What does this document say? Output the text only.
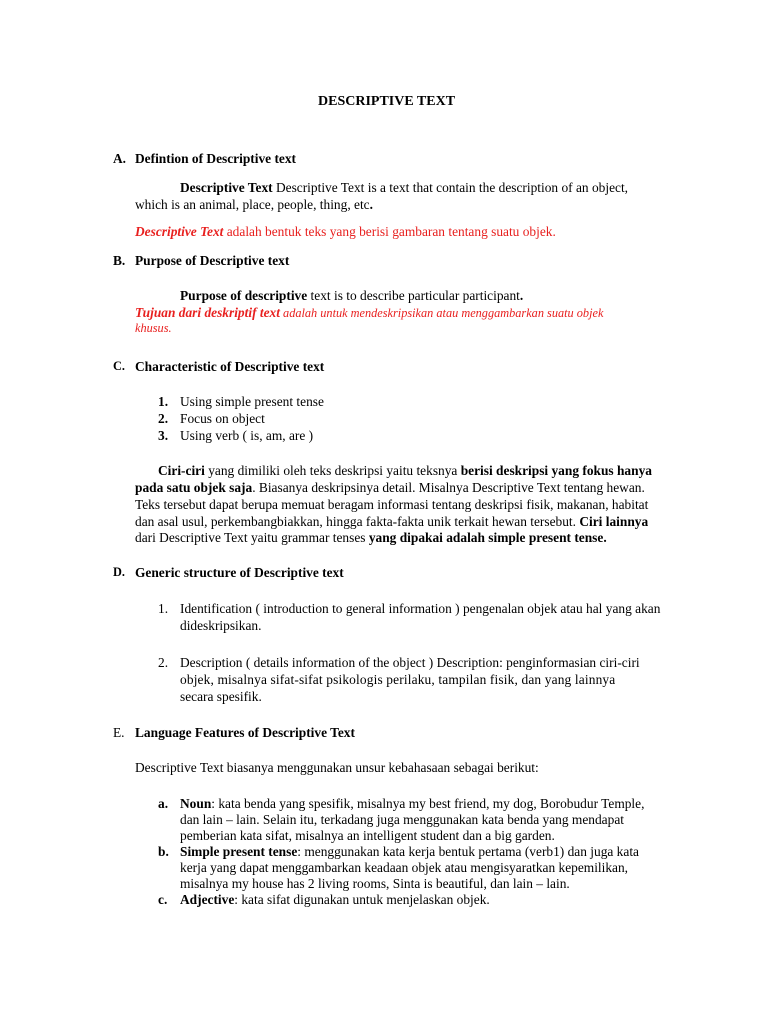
DESCRIPTIVE TEXT
A. Defintion of Descriptive text
Descriptive Text Descriptive Text is a text that contain the description of an object,
which is an animal, place, people, thing, etc.
Descriptive Text adalah bentuk teks yang berisi gambaran tentang suatu objek.
B. Purpose of Descriptive text
Purpose of descriptive text is to describe particular participant.
Tujuan dari deskriptif text adalah untuk mendeskripsikan atau menggambarkan suatu objek
khusus.
C. Characteristic of Descriptive text
1. Using simple present tense
2. Focus on object
3. Using verb ( is, am, are )
Ciri-ciri yang dimiliki oleh teks deskripsi yaitu teksnya berisi deskripsi yang fokus hanya
pada satu objek saja. Biasanya deskripsinya detail. Misalnya Descriptive Text tentang hewan.
Teks tersebut dapat berupa memuat beragam informasi tentang deskripsi fisik, makanan, habitat
dan asal usul, perkembangbiakkan, hingga fakta-fakta unik terkait hewan tersebut. Ciri lainnya
dari Descriptive Text yaitu grammar tenses yang dipakai adalah simple present tense.
D. Generic structure of Descriptive text
1. Identification ( introduction to general information ) pengenalan objek atau hal yang akan
dideskripsikan.
2. Description ( details information of the object ) Description: penginformasian ciri-ciri
objek, misalnya sifat-sifat psikologis perilaku, tampilan fisik, dan yang lainnya
secara spesifik.
E. Language Features of Descriptive Text
Descriptive Text biasanya menggunakan unsur kebahasaan sebagai berikut:
a. Noun: kata benda yang spesifik, misalnya my best friend, my dog, Borobudur Temple,
dan lain – lain. Selain itu, terkadang juga menggunakan kata benda yang mendapat
pemberian kata sifat, misalnya an intelligent student dan a big garden.
b. Simple present tense: menggunakan kata kerja bentuk pertama (verb1) dan juga kata
kerja yang dapat menggambarkan keadaan objek atau mengisyaratkan kepemilikan,
misalnya my house has 2 living rooms, Sinta is beautiful, dan lain – lain.
c. Adjective: kata sifat digunakan untuk menjelaskan objek.
